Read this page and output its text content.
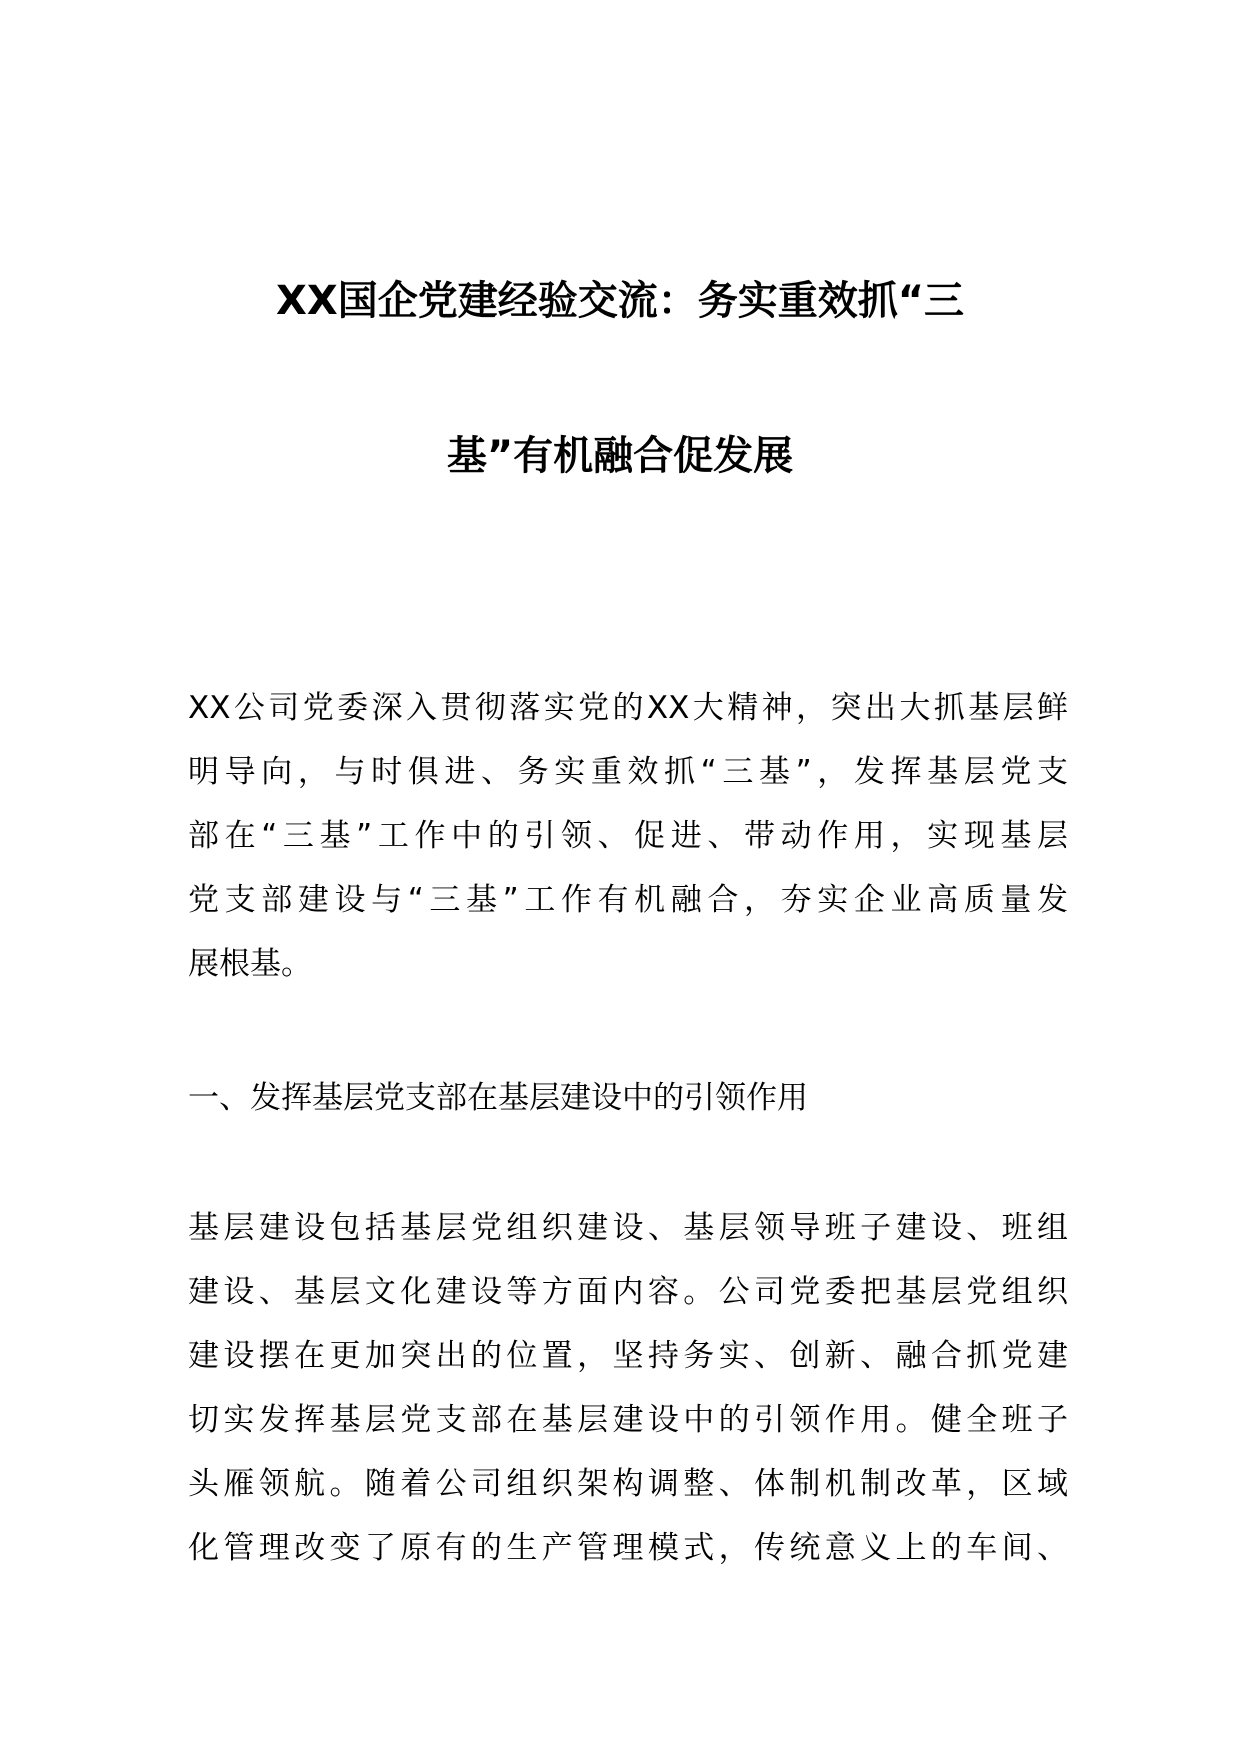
XX国企党建经验交流：务实重效抓“三
基”有机融合促发展
XX公司党委深入贯彻落实党的XX大精神，突出大抓基层鲜
明导向，与时俱进、务实重效抓“三基”，发挥基层党支
部在“三基”工作中的引领、促进、带动作用，实现基层
党支部建设与“三基”工作有机融合，夯实企业高质量发
展根基。
一、发挥基层党支部在基层建设中的引领作用
基层建设包括基层党组织建设、基层领导班子建设、班组
建设、基层文化建设等方面内容。公司党委把基层党组织
建设摆在更加突出的位置，坚持务实、创新、融合抓党建
切实发挥基层党支部在基层建设中的引领作用。健全班子
头雁领航。随着公司组织架构调整、体制机制改革，区域
化管理改变了原有的生产管理模式，传统意义上的车间、
